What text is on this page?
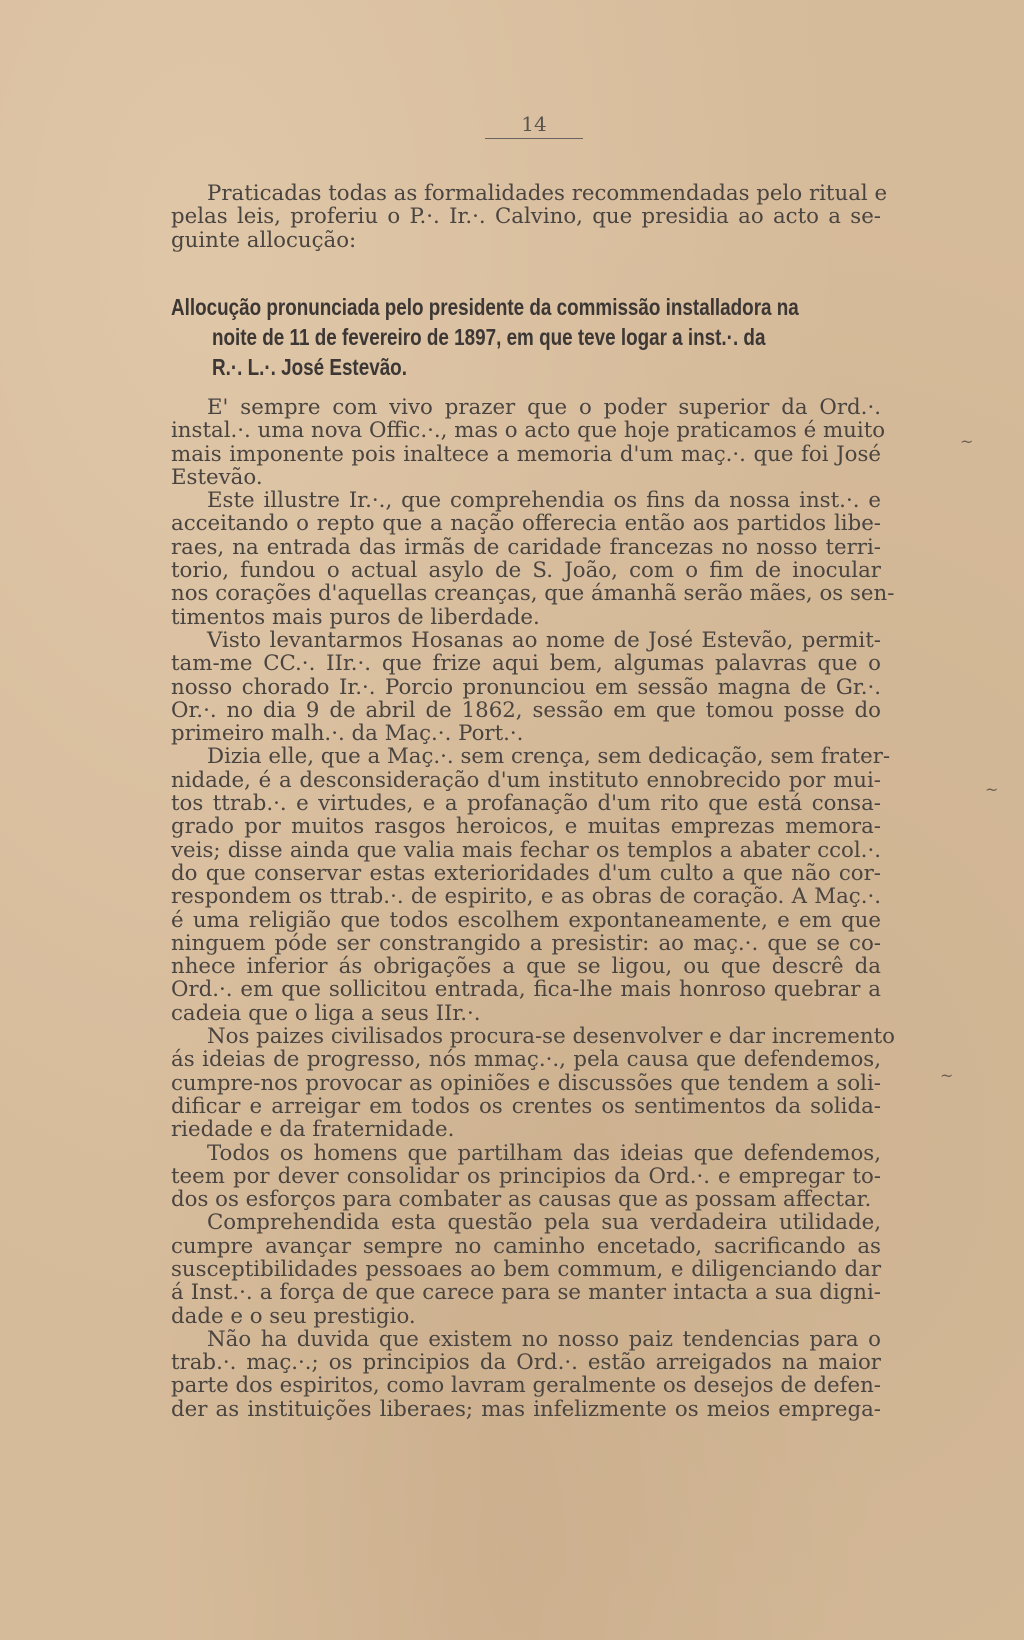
14
Praticadas todas as formalidades recommendadas pelo ritual e
pelas leis, proferiu o P.·. Ir.·. Calvino, que presidia ao acto a se-
guinte allocução:
Allocução pronunciada pelo presidente da commissão installadora na
noite de 11 de fevereiro de 1897, em que teve logar a inst.·. da
R.·. L.·. José Estevão.
E' sempre com vivo prazer que o poder superior da Ord.·.
instal.·. uma nova Offic.·., mas o acto que hoje praticamos é muito
mais imponente pois inaltece a memoria d'um maç.·. que foi José
Estevão.
Este illustre Ir.·., que comprehendia os fins da nossa inst.·. e
acceitando o repto que a nação offerecia então aos partidos libe-
raes, na entrada das irmãs de caridade francezas no nosso terri-
torio, fundou o actual asylo de S. João, com o fim de inocular
nos corações d'aquellas creanças, que ámanhã serão mães, os sen-
timentos mais puros de liberdade.
Visto levantarmos Hosanas ao nome de José Estevão, permit-
tam-me CC.·. IIr.·. que frize aqui bem, algumas palavras que o
nosso chorado Ir.·. Porcio pronunciou em sessão magna de Gr.·.
Or.·. no dia 9 de abril de 1862, sessão em que tomou posse do
primeiro malh.·. da Maç.·. Port.·.
Dizia elle, que a Maç.·. sem crença, sem dedicação, sem frater-
nidade, é a desconsideração d'um instituto ennobrecido por mui-
tos ttrab.·. e virtudes, e a profanação d'um rito que está consa-
grado por muitos rasgos heroicos, e muitas emprezas memora-
veis; disse ainda que valia mais fechar os templos a abater ccol.·.
do que conservar estas exterioridades d'um culto a que não cor-
respondem os ttrab.·. de espirito, e as obras de coração. A Maç.·.
é uma religião que todos escolhem expontaneamente, e em que
ninguem póde ser constrangido a presistir: ao maç.·. que se co-
nhece inferior ás obrigações a que se ligou, ou que descrê da
Ord.·. em que sollicitou entrada, fica-lhe mais honroso quebrar a
cadeia que o liga a seus IIr.·.
Nos paizes civilisados procura-se desenvolver e dar incremento
ás ideias de progresso, nós mmaç.·., pela causa que defendemos,
cumpre-nos provocar as opiniões e discussões que tendem a soli-
dificar e arreigar em todos os crentes os sentimentos da solida-
riedade e da fraternidade.
Todos os homens que partilham das ideias que defendemos,
teem por dever consolidar os principios da Ord.·. e empregar to-
dos os esforços para combater as causas que as possam affectar.
Comprehendida esta questão pela sua verdadeira utilidade,
cumpre avançar sempre no caminho encetado, sacrificando as
susceptibilidades pessoaes ao bem commum, e diligenciando dar
á Inst.·. a força de que carece para se manter intacta a sua digni-
dade e o seu prestigio.
Não ha duvida que existem no nosso paiz tendencias para o
trab.·. maç.·.; os principios da Ord.·. estão arreigados na maior
parte dos espiritos, como lavram geralmente os desejos de defen-
der as instituições liberaes; mas infelizmente os meios emprega-
~
~
~
